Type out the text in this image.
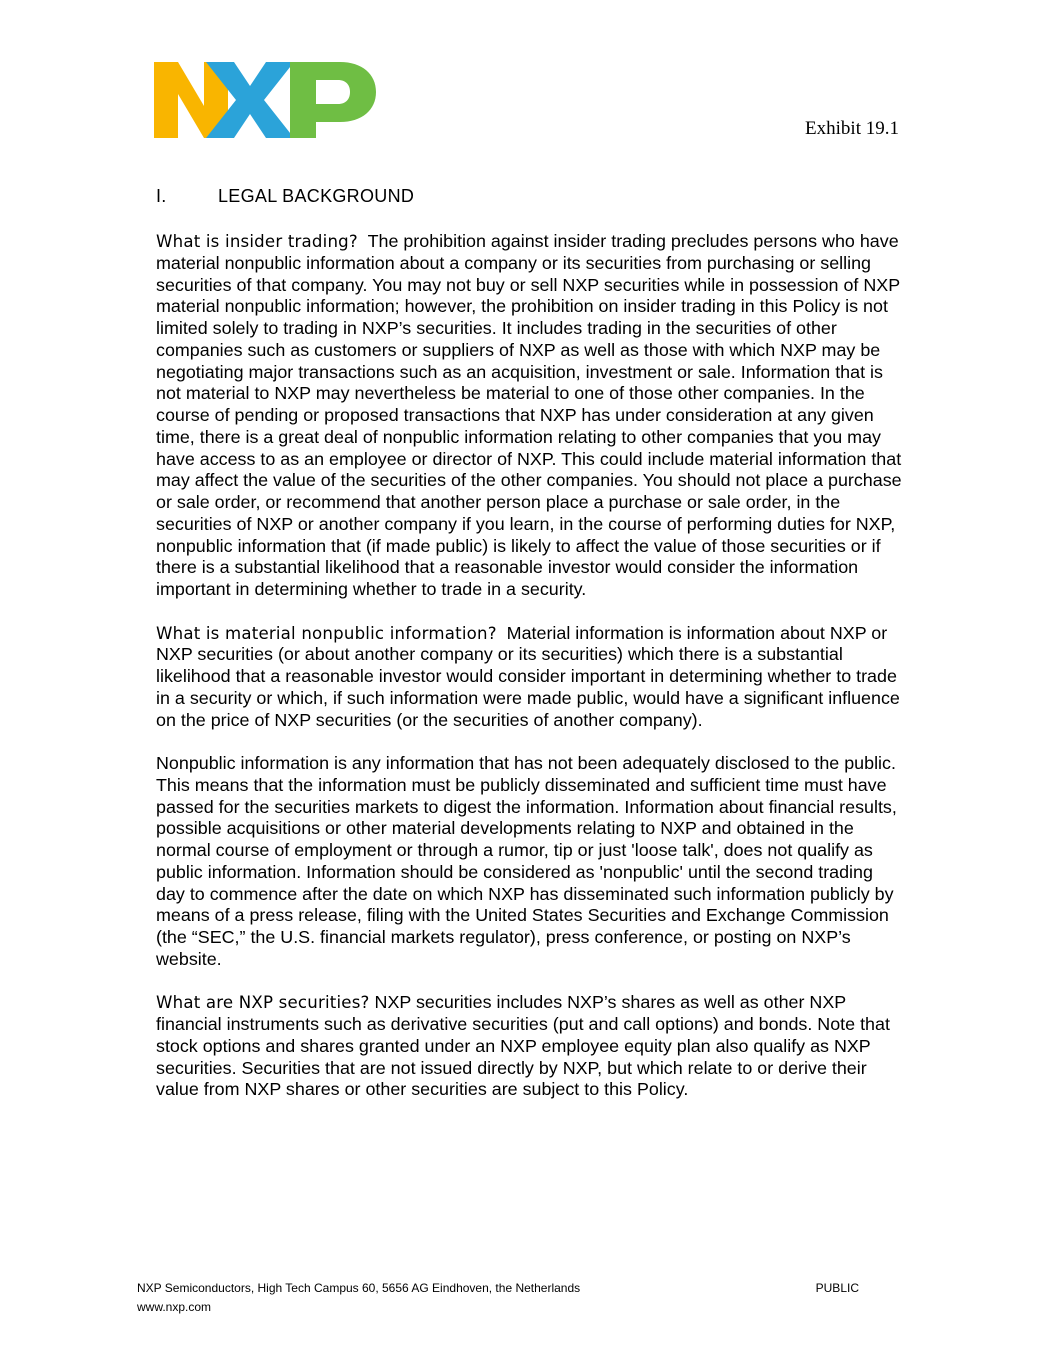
Exhibit 19.1
I.	LEGAL BACKGROUND

What is insider trading? The prohibition against insider trading precludes persons who have material nonpublic information about a company or its securities from purchasing or selling securities of that company. You may not buy or sell NXP securities while in possession of NXP material nonpublic information; however, the prohibition on insider trading in this Policy is not limited solely to trading in NXP’s securities. It includes trading in the securities of other companies such as customers or suppliers of NXP as well as those with which NXP may be negotiating major transactions such as an acquisition, investment or sale. Information that is not material to NXP may nevertheless be material to one of those other companies. In the course of pending or proposed transactions that NXP has under consideration at any given time, there is a great deal of nonpublic information relating to other companies that you may have access to as an employee or director of NXP. This could include material information that may affect the value of the securities of the other companies. You should not place a purchase or sale order, or recommend that another person place a purchase or sale order, in the securities of NXP or another company if you learn, in the course of performing duties for NXP, nonpublic information that (if made public) is likely to affect the value of those securities or if there is a substantial likelihood that a reasonable investor would consider the information important in determining whether to trade in a security.

What is material nonpublic information? Material information is information about NXP or NXP securities (or about another company or its securities) which there is a substantial likelihood that a reasonable investor would consider important in determining whether to trade in a security or which, if such information were made public, would have a significant influence on the price of NXP securities (or the securities of another company).

Nonpublic information is any information that has not been adequately disclosed to the public. This means that the information must be publicly disseminated and sufficient time must have passed for the securities markets to digest the information. Information about financial results, possible acquisitions or other material developments relating to NXP and obtained in the normal course of employment or through a rumor, tip or just 'loose talk', does not qualify as public information. Information should be considered as 'nonpublic' until the second trading day to commence after the date on which NXP has disseminated such information publicly by means of a press release, filing with the United States Securities and Exchange Commission (the “SEC,” the U.S. financial markets regulator), press conference, or posting on NXP’s website.

What are NXP securities? NXP securities includes NXP’s shares as well as other NXP financial instruments such as derivative securities (put and call options) and bonds. Note that stock options and shares granted under an NXP employee equity plan also qualify as NXP securities. Securities that are not issued directly by NXP, but which relate to or derive their value from NXP shares or other securities are subject to this Policy.

NXP Semiconductors, High Tech Campus 60, 5656 AG Eindhoven, the Netherlands	PUBLIC
www.nxp.com
